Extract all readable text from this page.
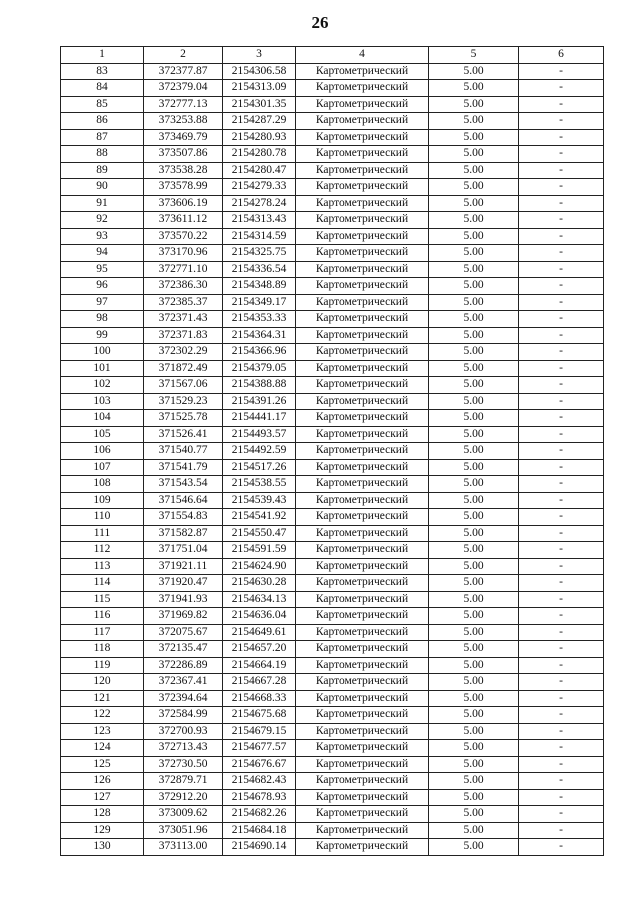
26
1	2	3	4	5	6
83	372377.87	2154306.58	Картометрический	5.00	-
84	372379.04	2154313.09	Картометрический	5.00	-
85	372777.13	2154301.35	Картометрический	5.00	-
86	373253.88	2154287.29	Картометрический	5.00	-
87	373469.79	2154280.93	Картометрический	5.00	-
88	373507.86	2154280.78	Картометрический	5.00	-
89	373538.28	2154280.47	Картометрический	5.00	-
90	373578.99	2154279.33	Картометрический	5.00	-
91	373606.19	2154278.24	Картометрический	5.00	-
92	373611.12	2154313.43	Картометрический	5.00	-
93	373570.22	2154314.59	Картометрический	5.00	-
94	373170.96	2154325.75	Картометрический	5.00	-
95	372771.10	2154336.54	Картометрический	5.00	-
96	372386.30	2154348.89	Картометрический	5.00	-
97	372385.37	2154349.17	Картометрический	5.00	-
98	372371.43	2154353.33	Картометрический	5.00	-
99	372371.83	2154364.31	Картометрический	5.00	-
100	372302.29	2154366.96	Картометрический	5.00	-
101	371872.49	2154379.05	Картометрический	5.00	-
102	371567.06	2154388.88	Картометрический	5.00	-
103	371529.23	2154391.26	Картометрический	5.00	-
104	371525.78	2154441.17	Картометрический	5.00	-
105	371526.41	2154493.57	Картометрический	5.00	-
106	371540.77	2154492.59	Картометрический	5.00	-
107	371541.79	2154517.26	Картометрический	5.00	-
108	371543.54	2154538.55	Картометрический	5.00	-
109	371546.64	2154539.43	Картометрический	5.00	-
110	371554.83	2154541.92	Картометрический	5.00	-
111	371582.87	2154550.47	Картометрический	5.00	-
112	371751.04	2154591.59	Картометрический	5.00	-
113	371921.11	2154624.90	Картометрический	5.00	-
114	371920.47	2154630.28	Картометрический	5.00	-
115	371941.93	2154634.13	Картометрический	5.00	-
116	371969.82	2154636.04	Картометрический	5.00	-
117	372075.67	2154649.61	Картометрический	5.00	-
118	372135.47	2154657.20	Картометрический	5.00	-
119	372286.89	2154664.19	Картометрический	5.00	-
120	372367.41	2154667.28	Картометрический	5.00	-
121	372394.64	2154668.33	Картометрический	5.00	-
122	372584.99	2154675.68	Картометрический	5.00	-
123	372700.93	2154679.15	Картометрический	5.00	-
124	372713.43	2154677.57	Картометрический	5.00	-
125	372730.50	2154676.67	Картометрический	5.00	-
126	372879.71	2154682.43	Картометрический	5.00	-
127	372912.20	2154678.93	Картометрический	5.00	-
128	373009.62	2154682.26	Картометрический	5.00	-
129	373051.96	2154684.18	Картометрический	5.00	-
130	373113.00	2154690.14	Картометрический	5.00	-
